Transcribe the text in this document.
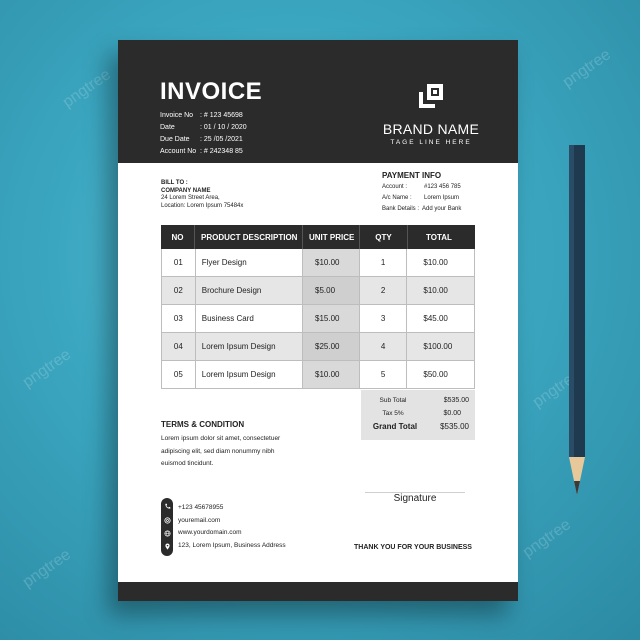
INVOICE
Invoice No : # 123 45698
Date	: 01 / 10 / 2020
Due Date	: 25 /05 /2021
Account No : # 242348 85
BRAND NAME
TAGE LINE HERE
BILL TO :
COMPANY NAME
24 Lorem Street Area,
Location: Lorem Ipsum 75484x
PAYMENT INFO
Account :	#123 456 785
A/c Name :	Lorem Ipsum
Bank Details : Add your Bank
NO	PRODUCT DESCRIPTION	UNIT PRICE	QTY	TOTAL
01	Flyer Design	$10.00	1	$10.00
02	Brochure Design	$5.00	2	$10.00
03	Business Card	$15.00	3	$45.00
04	Lorem Ipsum Design	$25.00	4	$100.00
05	Lorem Ipsum Design	$10.00	5	$50.00
Sub Total	$535.00
Tax 5%	$0.00
Grand Total	$535.00
TERMS & CONDITION
Lorem ipsum dolor sit amet, consectetuer
adipiscing elit, sed diam nonummy nibh
euismod tincidunt.
+123 45678955
youremail.com
www.yourdomain.com
123, Lorem Ipsum, Business Address
Signature
THANK YOU FOR YOUR BUSINESS
